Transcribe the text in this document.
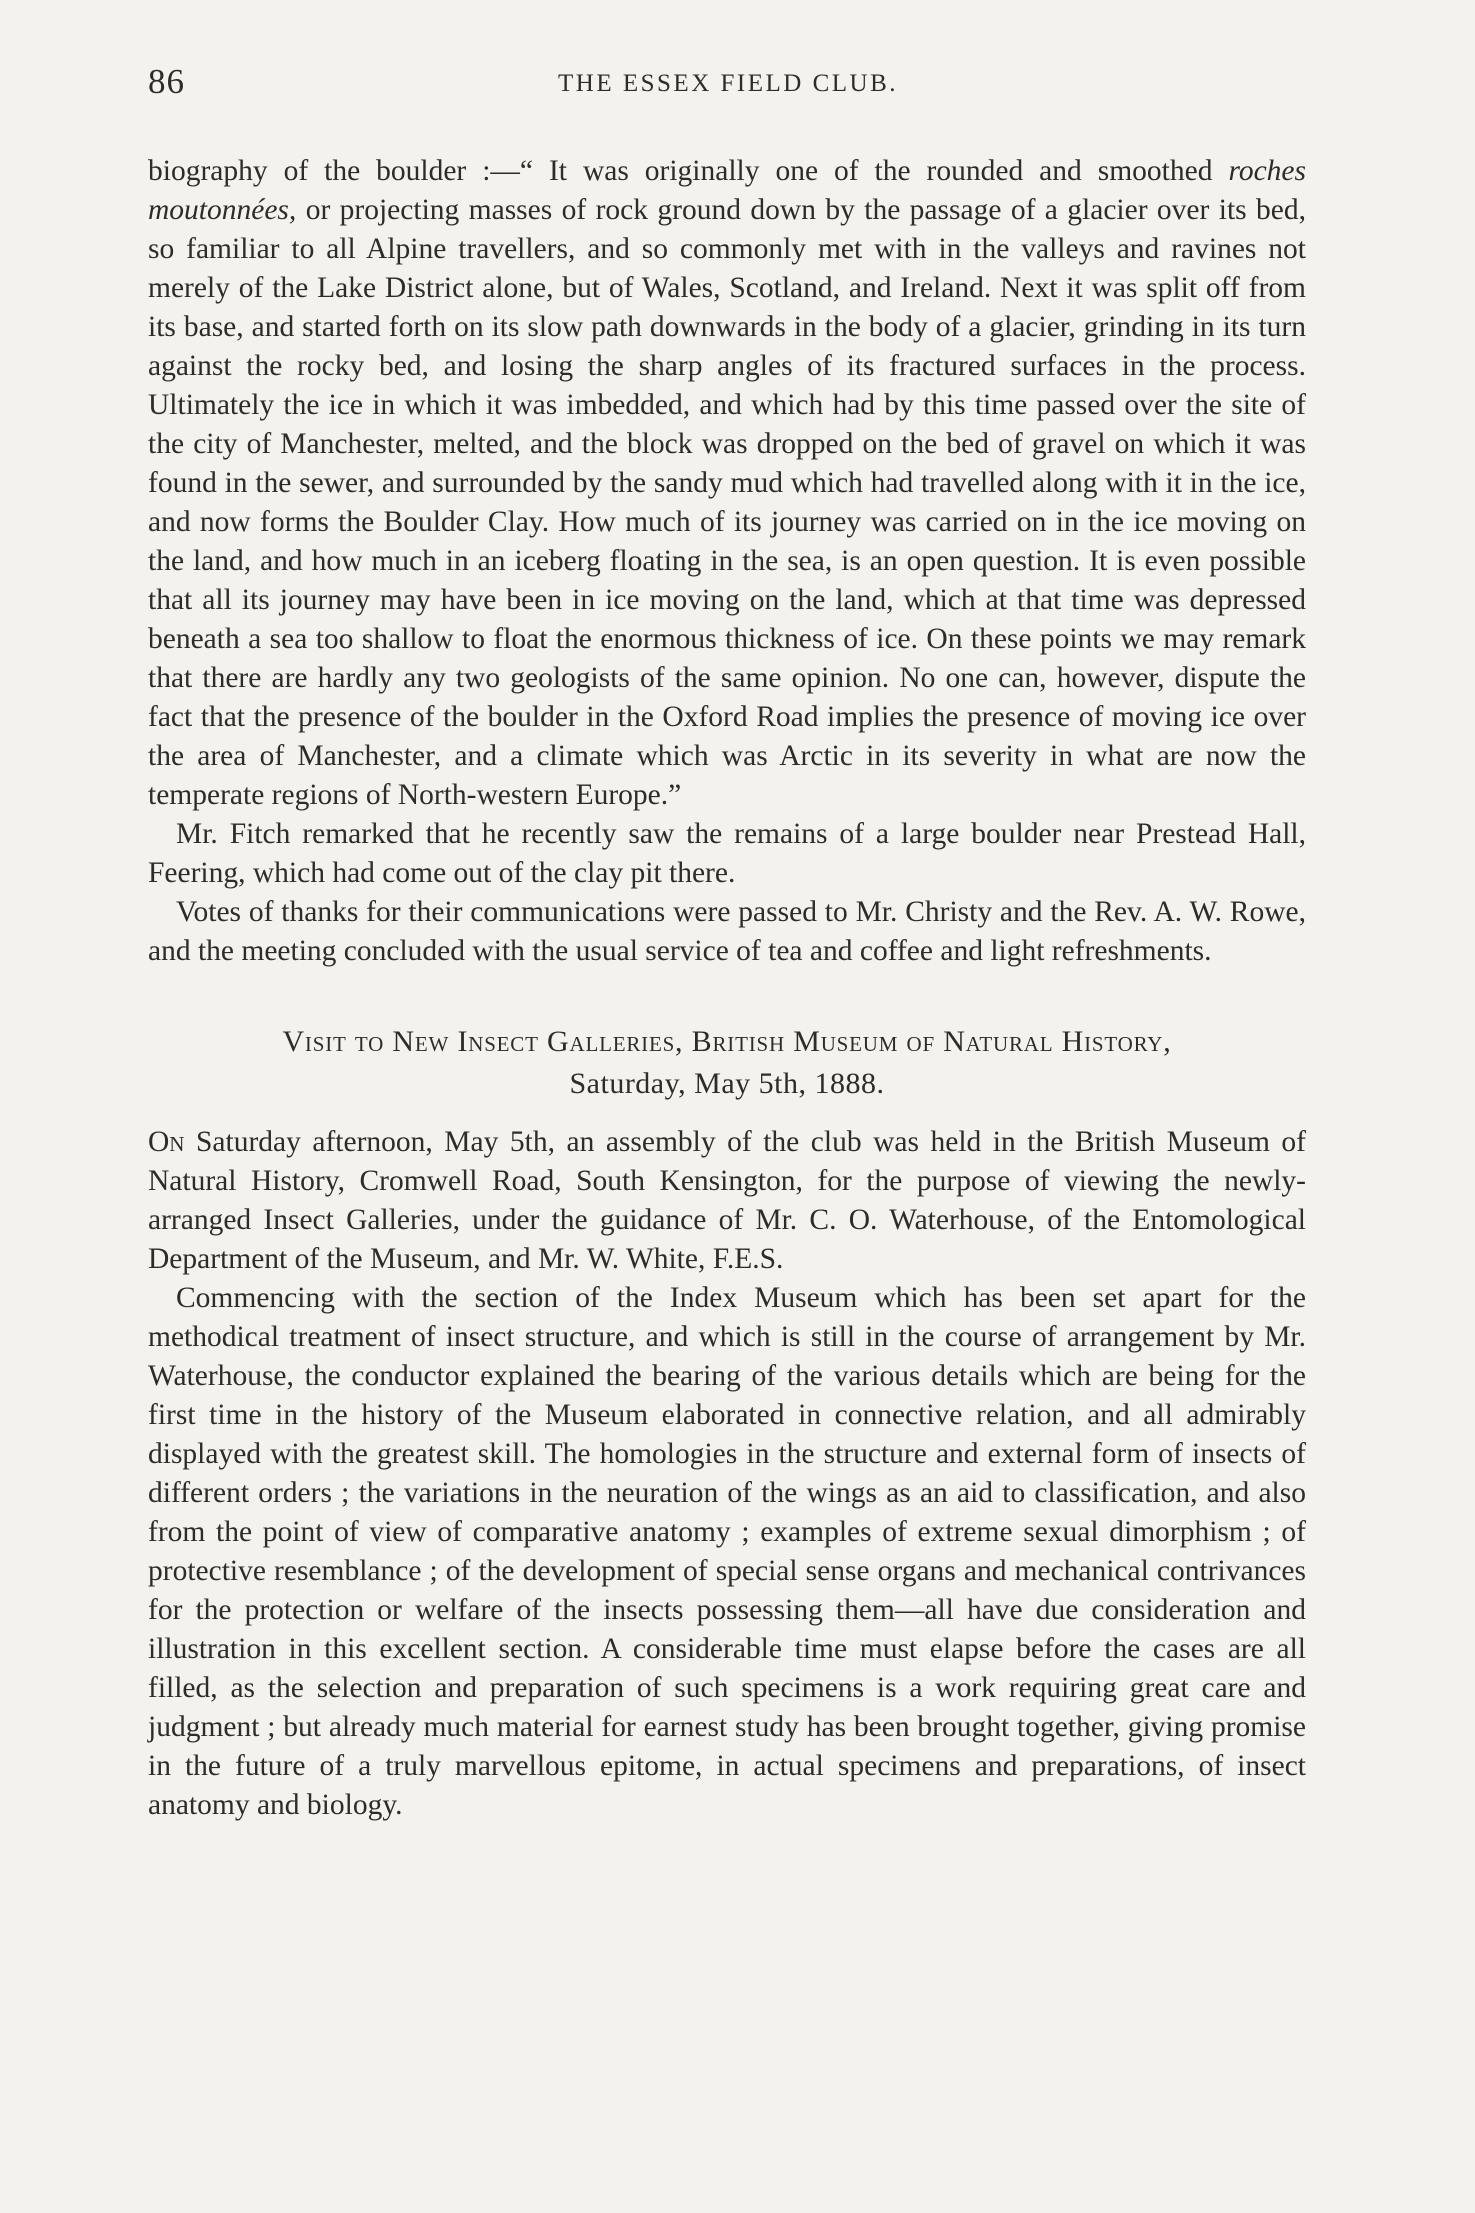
86	THE ESSEX FIELD CLUB.

biography of the boulder :—“ It was originally one of the rounded and smoothed roches moutonnées, or projecting masses of rock ground down by the passage of a glacier over its bed, so familiar to all Alpine travellers, and so commonly met with in the valleys and ravines not merely of the Lake District alone, but of Wales, Scotland, and Ireland. Next it was split off from its base, and started forth on its slow path downwards in the body of a glacier, grinding in its turn against the rocky bed, and losing the sharp angles of its fractured surfaces in the process. Ultimately the ice in which it was imbedded, and which had by this time passed over the site of the city of Manchester, melted, and the block was dropped on the bed of gravel on which it was found in the sewer, and surrounded by the sandy mud which had travelled along with it in the ice, and now forms the Boulder Clay. How much of its journey was carried on in the ice moving on the land, and how much in an iceberg floating in the sea, is an open question. It is even possible that all its journey may have been in ice moving on the land, which at that time was depressed beneath a sea too shallow to float the enormous thickness of ice. On these points we may remark that there are hardly any two geologists of the same opinion. No one can, however, dispute the fact that the presence of the boulder in the Oxford Road implies the presence of moving ice over the area of Manchester, and a climate which was Arctic in its severity in what are now the temperate regions of North-western Europe.”

Mr. Fitch remarked that he recently saw the remains of a large boulder near Prestead Hall, Feering, which had come out of the clay pit there.

Votes of thanks for their communications were passed to Mr. Christy and the Rev. A. W. Rowe, and the meeting concluded with the usual service of tea and coffee and light refreshments.

Visit to New Insect Galleries, British Museum of Natural History,
Saturday, May 5th, 1888.

On Saturday afternoon, May 5th, an assembly of the club was held in the British Museum of Natural History, Cromwell Road, South Kensington, for the purpose of viewing the newly-arranged Insect Galleries, under the guidance of Mr. C. O. Waterhouse, of the Entomological Department of the Museum, and Mr. W. White, F.E.S.

Commencing with the section of the Index Museum which has been set apart for the methodical treatment of insect structure, and which is still in the course of arrangement by Mr. Waterhouse, the conductor explained the bearing of the various details which are being for the first time in the history of the Museum elaborated in connective relation, and all admirably displayed with the greatest skill. The homologies in the structure and external form of insects of different orders ; the variations in the neuration of the wings as an aid to classification, and also from the point of view of comparative anatomy ; examples of extreme sexual dimorphism ; of protective resemblance ; of the development of special sense organs and mechanical contrivances for the protection or welfare of the insects possessing them—all have due consideration and illustration in this excellent section. A considerable time must elapse before the cases are all filled, as the selection and preparation of such specimens is a work requiring great care and judgment ; but already much material for earnest study has been brought together, giving promise in the future of a truly marvellous epitome, in actual specimens and preparations, of insect anatomy and biology.
